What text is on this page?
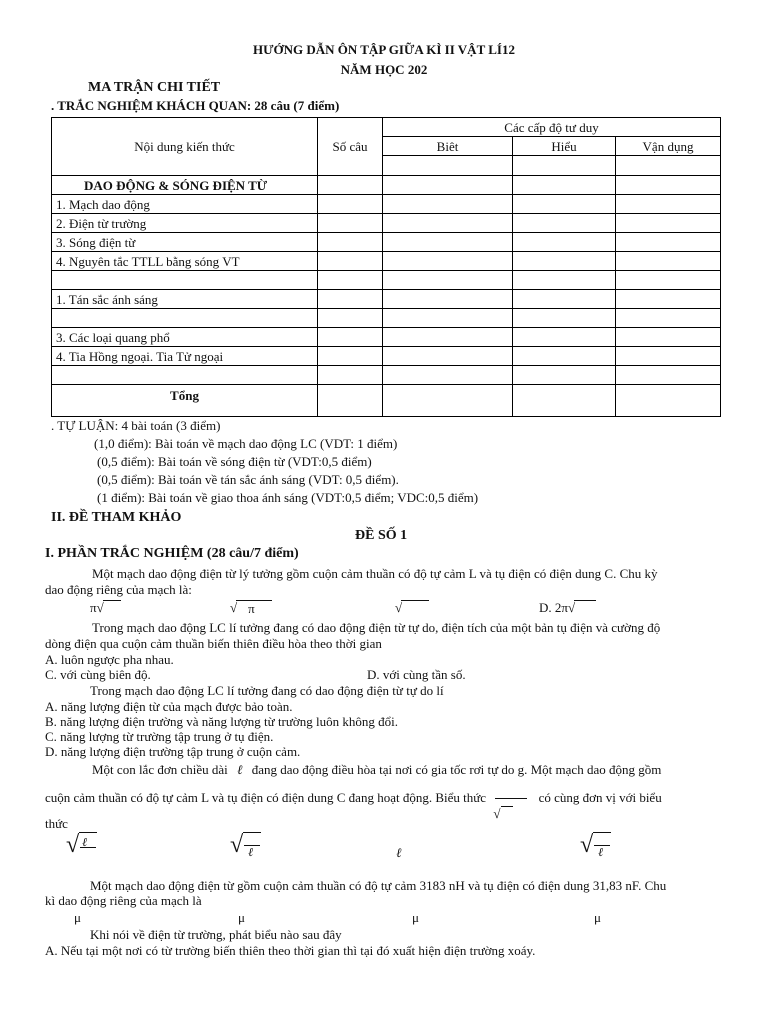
HƯỚNG DẪN ÔN TẬP GIỮA KÌ II VẬT LÍ12
NĂM HỌC 202
MA TRẬN CHI TIẾT
. TRẮC NGHIỆM KHÁCH QUAN: 28 câu (7 điểm)
Nội dung kiến thức	Số câu	Các cấp độ tư duy		
		Biêt	Hiểu	Vận dụng

DAO ĐỘNG & SÓNG ĐIỆN TỪ				
1. Mạch dao động				
2. Điện từ trường				
3. Sóng điện từ				
4. Nguyên tắc TTLL bằng sóng VT				

1. Tán sắc ánh sáng				

3. Các loại quang phổ				
4. Tia Hồng ngoại. Tia Tử ngoại				

Tổng				
. TỰ LUẬN: 4 bài toán (3 điểm)
(1,0 điểm): Bài toán về mạch dao động LC (VDT: 1 điểm)
(0,5 điểm): Bài toán về sóng điện từ (VDT:0,5 điểm)
(0,5 điểm): Bài toán về tán sắc ánh sáng (VDT: 0,5 điểm).
(1 điểm): Bài toán về giao thoa ánh sáng (VDT:0,5 điểm; VDC:0,5 điểm)
II. ĐỀ THAM KHẢO
ĐỀ SỐ 1
I. PHẦN TRẮC NGHIỆM (28 câu/7 điểm)
Một mạch dao động điện từ lý tưởng gồm cuộn cảm thuần có độ tự cảm L và tụ điện có điện dung C. Chu kỳ
dao động riêng của mạch là:
π√	√ π	√	D. 2π√
Trong mạch dao động LC lí tưởng đang có dao động điện từ tự do, điện tích của một bản tụ điện và cường độ
dòng điện qua cuộn cảm thuần biến thiên điều hòa theo thời gian
A. luôn ngược pha nhau.
C. với cùng biên độ.	D. với cùng tần số.
Trong mạch dao động LC lí tưởng đang có dao động điện từ tự do lí
A. năng lượng điện từ của mạch được bảo toàn.
B. năng lượng điện trường và năng lượng từ trường luôn không đổi.
C. năng lượng từ trường tập trung ở tụ điện.
D. năng lượng điện trường tập trung ở cuộn cảm.
Một con lắc đơn chiều dài ℓ đang dao động điều hòa tại nơi có gia tốc rơi tự do g. Một mạch dao động gồm
cuộn cảm thuần có độ tự cảm L và tụ điện có điện dung C đang hoạt động. Biểu thức
√
có cùng đơn vị với biểu
thức
√ ℓ	√ ℓ	ℓ	√ ℓ
Một mạch dao động điện từ gồm cuộn cảm thuần có độ tự cảm 3183 nH và tụ điện có điện dung 31,83 nF. Chu
kì dao động riêng của mạch là
μ	μ	μ	μ
Khi nói về điện từ trường, phát biểu nào sau đây
A. Nếu tại một nơi có từ trường biến thiên theo thời gian thì tại đó xuất hiện điện trường xoáy.
